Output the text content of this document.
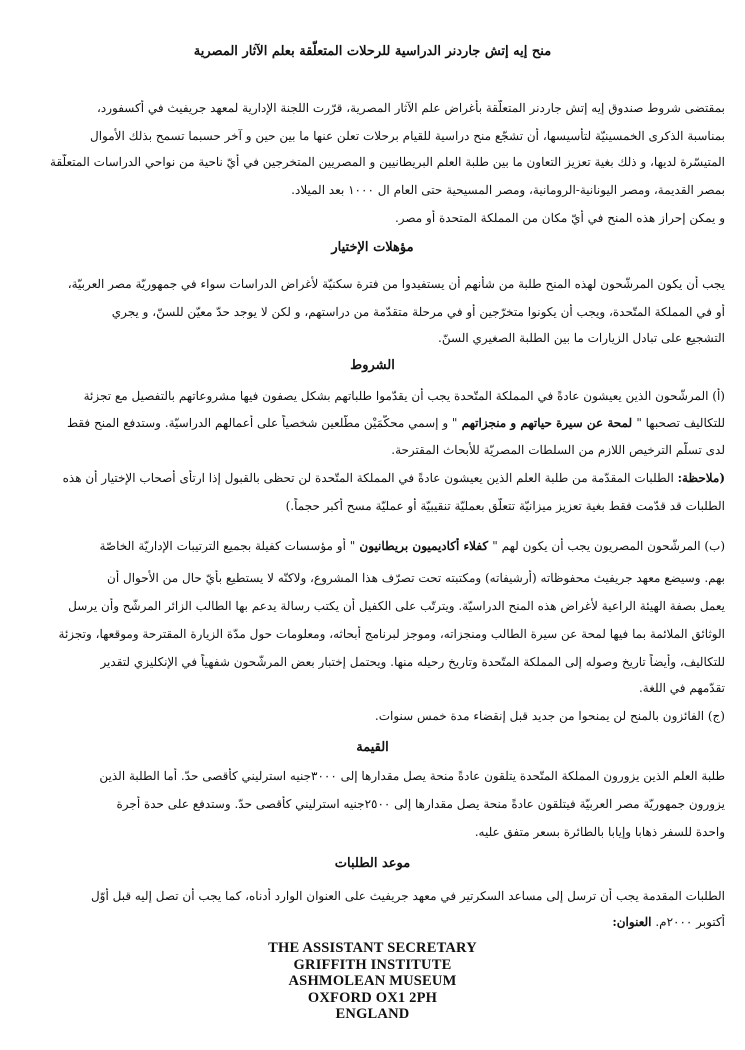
منح إيه إتش جاردنر الدراسية للرحلات المتعلّقة بعلم الآثار المصرية
بمقتضى شروط صندوق إيه إتش جاردنر المتعلّقة بأغراض علم الآثار المصرية، قرّرت اللجنة الإدارية لمعهد جريفيث في أكسفورد،
بمناسبة الذكرى الخمسينيّة لتأسيسها، أن تشجّع منح دراسية للقيام برحلات تعلن عنها ما بين حين و آخر حسبما تسمح بذلك الأموال
المتيسّرة لديها، و ذلك بغية تعزيز التعاون ما بين طلبة العلم البريطانيين و المصريين المتخرجين في أيّ ناحية من نواحي الدراسات المتعلّقة
بمصر القديمة، ومصر اليونانية-الرومانية، ومصر المسيحية حتى العام ال ١٠٠٠ بعد الميلاد.
و يمكن إحراز هذه المنح في أيّ مكان من المملكة المتحدة أو مصر.
مؤهلات الإختيار
يجب أن يكون المرشّحون لهذه المنح طلبة من شأنهم أن يستفيدوا من فترة سكنيّة لأغراض الدراسات سواء في جمهوريّة مصر العربيّة،
أو في المملكة المتّحدة، ويجب أن يكونوا متخرّجين أو في مرحلة متقدّمة من دراستهم، و لكن لا يوجد حدّ معيّن للسنّ، و يجري
التشجيع على تبادل الزيارات ما بين الطلبة الصغيري السنّ.
الشروط
(أ) المرشّحون الذين يعيشون عادةً في المملكة المتّحدة يجب أن يقدّموا طلباتهم بشكل يصفون فيها مشروعاتهم بالتفصيل مع تجزئة
للتكاليف تصحبها " لمحة عن سيرة حياتهم و منجزاتهم " و إسمي محكّمَيْن مطّلعين شخصياً على أعمالهم الدراسيّة. وستدفع المنح فقط
لدى تسلّم الترخيص اللازم من السلطات المصريّة للأبحاث المقترحة.
(ملاحظة: الطلبات المقدّمة من طلبة العلم الذين يعيشون عادةً في المملكة المتّحدة لن تحظى بالقبول إذا ارتأى أصحاب الإختيار أن هذه
الطلبات قد قدّمت فقط بغية تعزيز ميزانيّة تتعلّق بعمليّة تنقيبيّة أو عمليّة مسح أكبر حجماً.)
(ب) المرشّحون المصريون يجب أن يكون لهم " كفلاء أكاديميون بريطانيون " أو مؤسسات كفيلة بجميع الترتيبات الإداريّة الخاصّة
بهم. وسيضع معهد جريفيث محفوظاته (أرشيفاته) ومكتبته تحت تصرّف هذا المشروع، ولاكنّه لا يستطيع بأيّ حال من الأحوال أن
يعمل بصفة الهيئة الراعية لأغراض هذه المنح الدراسيّة. ويترتّب على الكفيل أن يكتب رسالة يدعم بها الطالب الزائر المرشّح وأن يرسل
الوثائق الملائمة بما فيها لمحة عن سيرة الطالب ومنجزاته، وموجز لبرنامج أبحاثه، ومعلومات حول مدّة الزيارة المقترحة وموقعها، وتجزئة
للتكاليف، وأيضاً تاريخ وصوله إلى المملكة المتّحدة وتاريخ رحيله منها. ويحتمل إختبار بعض المرشّحون شفهياً في الإنكليزي لتقدير
تقدّمهم في اللغة.
(ج) الفائزون بالمنح لن يمنحوا من جديد قبل إنقضاء مدة خمس سنوات.
القيمة
طلبة العلم الذين يزورون المملكة المتّحدة يتلقون عادةً منحة يصل مقدارها إلى ٣٠٠٠جنيه استرليني كأقصى حدّ. أما الطلبة الذين
يزورون جمهوريّة مصر العربيّة فيتلقون عادةً منحة يصل مقدارها إلى ٢٥٠٠جنيه استرليني كأقصى حدّ. وستدفع على حدة أجرة
واحدة للسفر ذهابا وإيابا بالطائرة بسعر متفق عليه.
موعد الطلبات
الطلبات المقدمة يجب أن ترسل إلى مساعد السكرتير في معهد جريفيث على العنوان الوارد أدناه، كما يجب أن تصل إليه قبل أوّل
أكتوبر ٢٠٠٠م. العنوان:
THE ASSISTANT SECRETARY
GRIFFITH INSTITUTE
ASHMOLEAN MUSEUM
OXFORD OX1 2PH
ENGLAND
